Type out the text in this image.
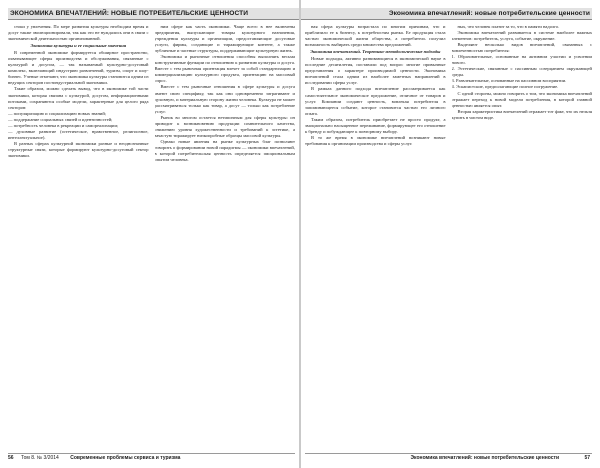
ЭКОНОМИКА ВПЕЧАТЛЕНИЙ: НОВЫЕ ПОТРЕБИТЕЛЬСКИЕ ЦЕННОСТИ

стоки у увлечения. По мере развития культуры необходим время и досуг также эволюционировали, так как это не нуждались они в связи с экономической деятельностью организованной.

Экономика культуры и ее социальные значения

В современной экономике формируется обширное пространство, охватывающее сферы производства и обслуживания, связанные с культурой и досугом, — так называемый культурно-досуговый комплекс, включающий индустрию развлечений, туризм, спорт и шоу-бизнес. Ученые отмечают, что экономика культуры становится одним из ведущих секторов постиндустриальной экономики.

Такие образом, можно сделать вывод, что в экономике той части экономики, которая связана с культурой, досугом, информационными потоками, сохраняются особые модели, характерные для целого ряда секторов:

— популяризацию и социализацию новых знаний;

— поддержание социальных связей и идентичностей;

— потребность человека в рекреации и самореализации;

— духовные развитие (эстетическое, нравственное, религиозное, интеллектуальное).

В разных сферах культурной экономики разные и неоднозначные структурные связи, которые формируют культурно-досуговый сектор экономики.

ним сфере как часть экономики. Чаще всего в нее включены предприятия, выпускающие товары культурного назначения, учреждения культуры и организации, предоставляющие досуговые услуги, фирмы, создающие и тиражирующие контент, а также публичные и частные структуры, поддерживающие культурную жизнь.

Экономика и рыночные отношения способны выполнять весьма конструктивные функции по отношению к развитию культуры и досуга. Вместе с тем рыночная ориентация влечет за собой стандартизацию и коммерциализацию культурного продукта, ориентацию на массовый спрос.

Вместе с тем рыночные отношения в сфере культуры и досуга имеют свою специфику, так как они одновременно затрагивают и духовную, и материальную сторону жизни человека. Культура не может рассматриваться только как товар, а досуг — только как потребление услуг.

Рынок во многом остается нетипичным для сферы культуры: он приводит к возникновению продукции сомнительного качества, снижению уровня художественности и требований к эстетике, а зачастую тиражирует низкопробные образцы массовой культуры.

Однако новые явления на рынке культурных благ позволяют говорить о формировании новой парадигмы — экономики впечатлений, в которой потребительская ценность определяется эмоциональным опытом человека.

56 Том 8. № 3/2014 Современные проблемы сервиса и туризма
Экономика впечатлений: новые потребительские ценности

ная сфера культуры возрастала по многим причинам, что и приблизило ее к бизнесу, к потребностям рынка. Ее продукция стала частью экономической жизни общества, а потребитель получил возможность выбирать среди множества предложений.

Экономика впечатлений. Теоретико-методологические подходы

Новые подходы, активно развивающиеся в экономической науке в последние десятилетия, поставили под вопрос многие привычные представления о характере производимой ценности. Экономика впечатлений стала одним из наиболее заметных направлений в исследовании сферы услуг.

В рамках данного подхода впечатление рассматривается как самостоятельное экономическое предложение, отличное от товаров и услуг. Компании создают ценность, вовлекая потребителя в запоминающееся событие, которое становится частью его личного опыта.

Таким образом, потребитель приобретает не просто продукт, а эмоционально насыщенное переживание, формирующее его отношение к бренду и побуждающее к повторному выбору.

В то же время в экономике впечатлений возникают новые требования к организации производства и сферы услуг.

ных, что человек платит за то, что в памяти надолго.

Экономика впечатлений развивается в системе наиболее важных элементов: потребитель, услуга, событие, окружение.

Выделяют несколько видов впечатлений, связанных с вовлеченностью потребителя:

1. Образовательные, основанные на активном участии и усвоении нового.

2. Эстетические, связанные с пассивным созерцанием окружающей среды.

3. Развлекательные, основанные на пассивном восприятии.

4. Эскапистские, предполагающие полное погружение.

С одной стороны, можно говорить о том, что экономика впечатлений отражает переход к новой модели потребления, в которой главной ценностью является опыт.

Вторая характеристика впечатлений отражает тот факт, что их нельзя купить в чистом виде.

Экономика впечатлений: новые потребительские ценности	57
